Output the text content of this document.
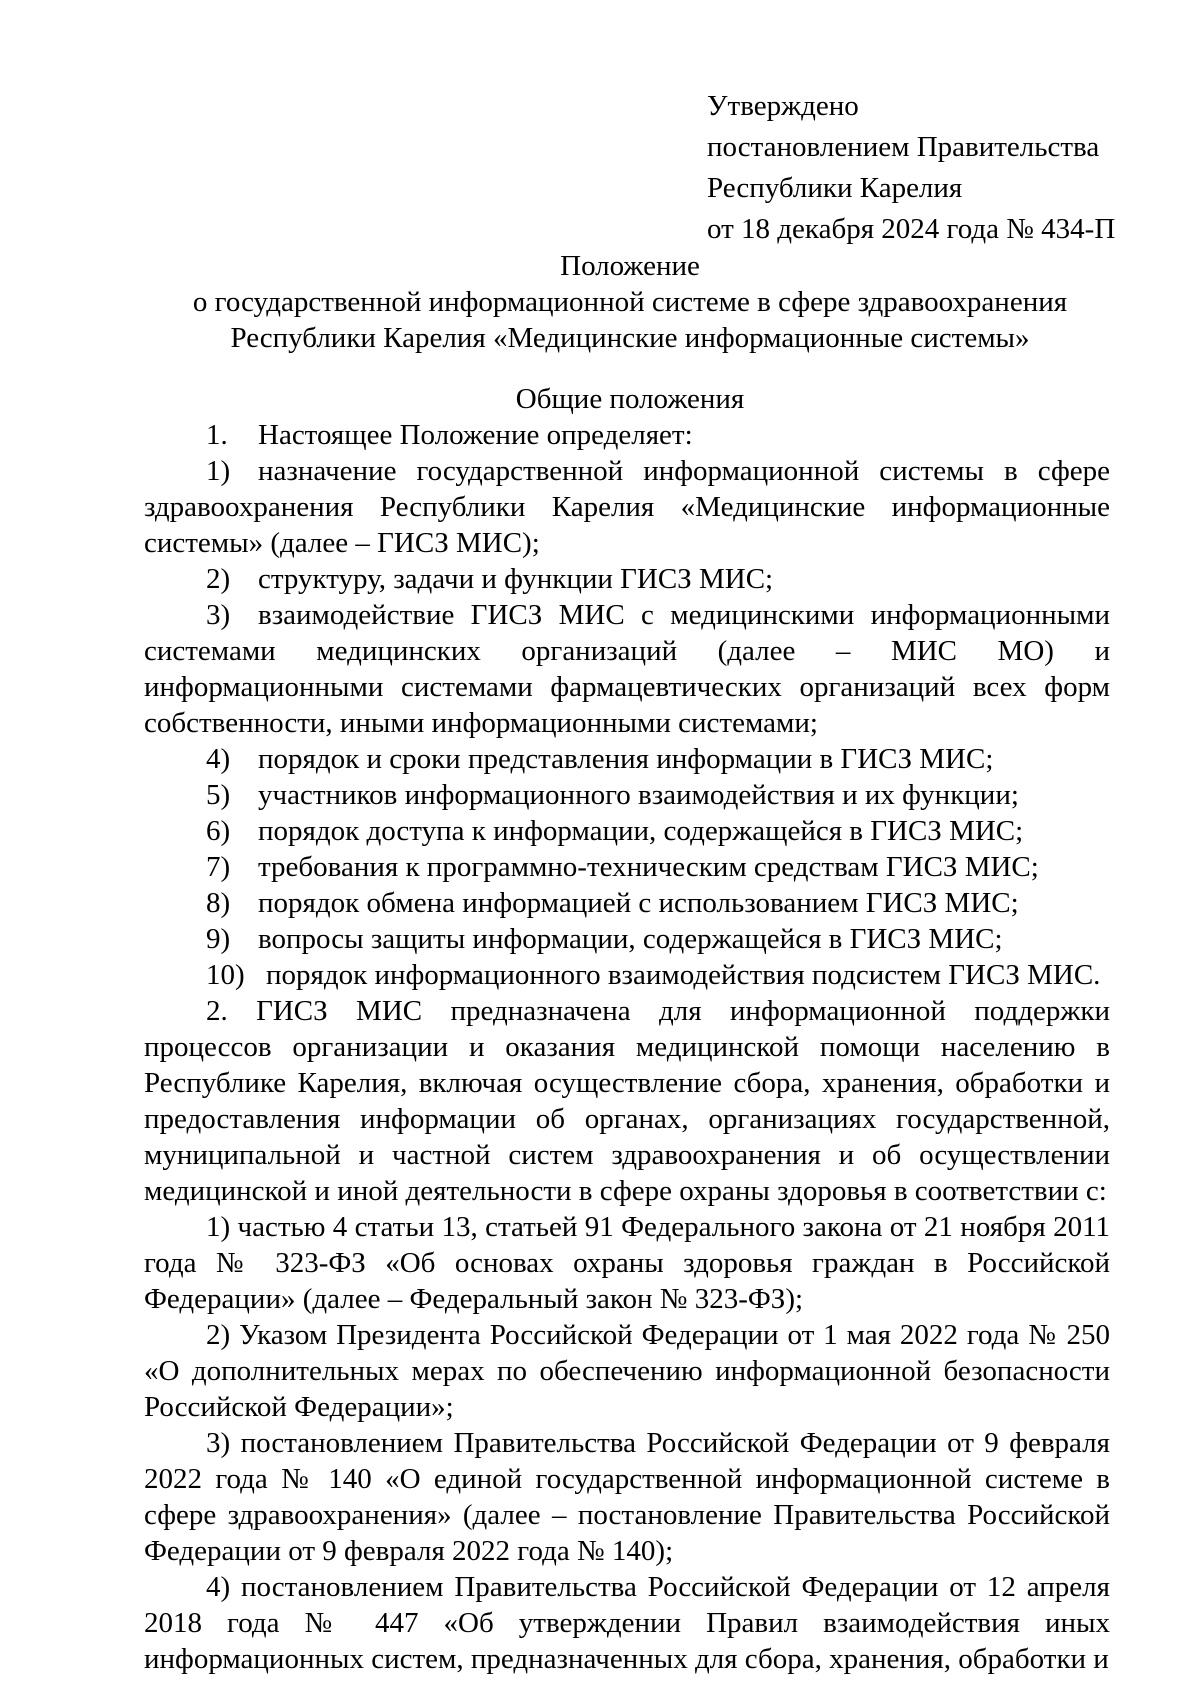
Утверждено
постановлением Правительства
Республики Карелия
от 18 декабря 2024 года № 434-П
Положение
о государственной информационной системе в сфере здравоохранения
Республики Карелия «Медицинские информационные системы»

Общие положения

1. Настоящее Положение определяет:

1) назначение государственной информационной системы в сфере здравоохранения Республики Карелия «Медицинские информационные системы» (далее – ГИСЗ МИС);

2) структуру, задачи и функции ГИСЗ МИС;

3) взаимодействие ГИСЗ МИС с медицинскими информационными системами медицинских организаций (далее – МИС МО) и информационными системами фармацевтических организаций всех форм собственности, иными информационными системами;

4) порядок и сроки представления информации в ГИСЗ МИС;

5) участников информационного взаимодействия и их функции;

6) порядок доступа к информации, содержащейся в ГИСЗ МИС;

7) требования к программно-техническим средствам ГИСЗ МИС;

8) порядок обмена информацией с использованием ГИСЗ МИС;

9) вопросы защиты информации, содержащейся в ГИСЗ МИС;

10) порядок информационного взаимодействия подсистем ГИСЗ МИС.

2. ГИСЗ МИС предназначена для информационной поддержки процессов организации и оказания медицинской помощи населению в Республике Карелия, включая осуществление сбора, хранения, обработки и предоставления информации об органах, организациях государственной, муниципальной и частной систем здравоохранения и об осуществлении медицинской и иной деятельности в сфере охраны здоровья в соответствии с:

1) частью 4 статьи 13, статьей 91 Федерального закона от 21 ноября 2011 года № 323-ФЗ «Об основах охраны здоровья граждан в Российской Федерации» (далее – Федеральный закон № 323-ФЗ);

2) Указом Президента Российской Федерации от 1 мая 2022 года № 250 «О дополнительных мерах по обеспечению информационной безопасности Российской Федерации»;

3) постановлением Правительства Российской Федерации от 9 февраля 2022 года № 140 «О единой государственной информационной системе в сфере здравоохранения» (далее – постановление Правительства Российской Федерации от 9 февраля 2022 года № 140);

4) постановлением Правительства Российской Федерации от 12 апреля 2018 года № 447 «Об утверждении Правил взаимодействия иных информационных систем, предназначенных для сбора, хранения, обработки и
